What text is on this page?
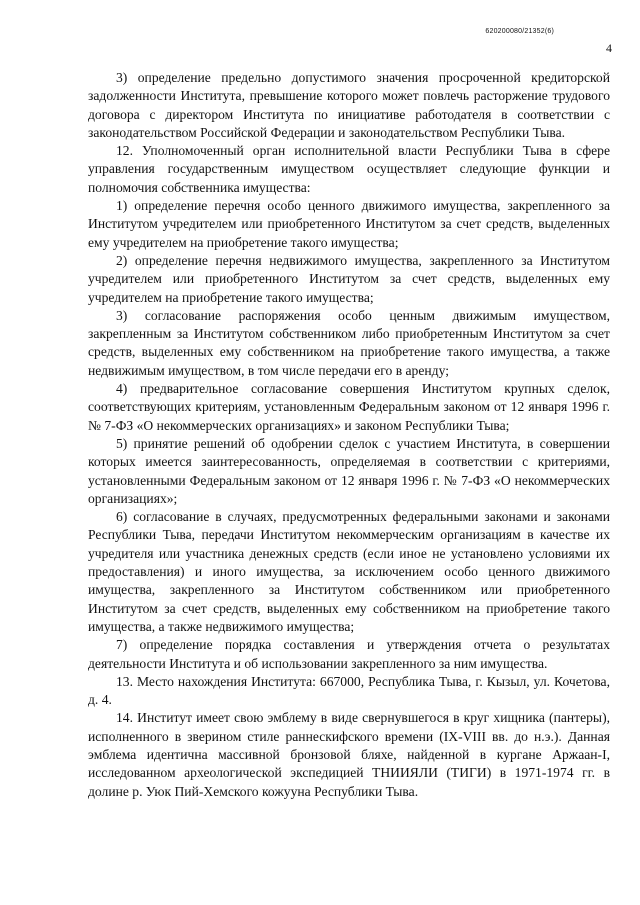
620200080/21352(6)
4

3) определение предельно допустимого значения просроченной кредиторской задолженности Института, превышение которого может повлечь расторжение трудового договора с директором Института по инициативе работодателя в соответствии с законодательством Российской Федерации и законодательством Республики Тыва.

12. Уполномоченный орган исполнительной власти Республики Тыва в сфере управления государственным имуществом осуществляет следующие функции и полномочия собственника имущества:

1) определение перечня особо ценного движимого имущества, закрепленного за Институтом учредителем или приобретенного Институтом за счет средств, выделенных ему учредителем на приобретение такого имущества;

2) определение перечня недвижимого имущества, закрепленного за Институтом учредителем или приобретенного Институтом за счет средств, выделенных ему учредителем на приобретение такого имущества;

3) согласование распоряжения особо ценным движимым имуществом, закрепленным за Институтом собственником либо приобретенным Институтом за счет средств, выделенных ему собственником на приобретение такого имущества, а также недвижимым имуществом, в том числе передачи его в аренду;

4) предварительное согласование совершения Институтом крупных сделок, соответствующих критериям, установленным Федеральным законом от 12 января 1996 г. № 7-ФЗ «О некоммерческих организациях» и законом Республики Тыва;

5) принятие решений об одобрении сделок с участием Института, в совершении которых имеется заинтересованность, определяемая в соответствии с критериями, установленными Федеральным законом от 12 января 1996 г. № 7-ФЗ «О некоммерческих организациях»;

6) согласование в случаях, предусмотренных федеральными законами и законами Республики Тыва, передачи Институтом некоммерческим организациям в качестве их учредителя или участника денежных средств (если иное не установлено условиями их предоставления) и иного имущества, за исключением особо ценного движимого имущества, закрепленного за Институтом собственником или приобретенного Институтом за счет средств, выделенных ему собственником на приобретение такого имущества, а также недвижимого имущества;

7) определение порядка составления и утверждения отчета о результатах деятельности Института и об использовании закрепленного за ним имущества.

13. Место нахождения Института: 667000, Республика Тыва, г. Кызыл, ул. Кочетова, д. 4.

14. Институт имеет свою эмблему в виде свернувшегося в круг хищника (пантеры), исполненного в зверином стиле раннескифского времени (IX-VIII вв. до н.э.). Данная эмблема идентична массивной бронзовой бляхе, найденной в кургане Аржаан-I, исследованном археологической экспедицией ТНИИЯЛИ (ТИГИ) в 1971-1974 гг. в долине р. Уюк Пий-Хемского кожууна Республики Тыва.
